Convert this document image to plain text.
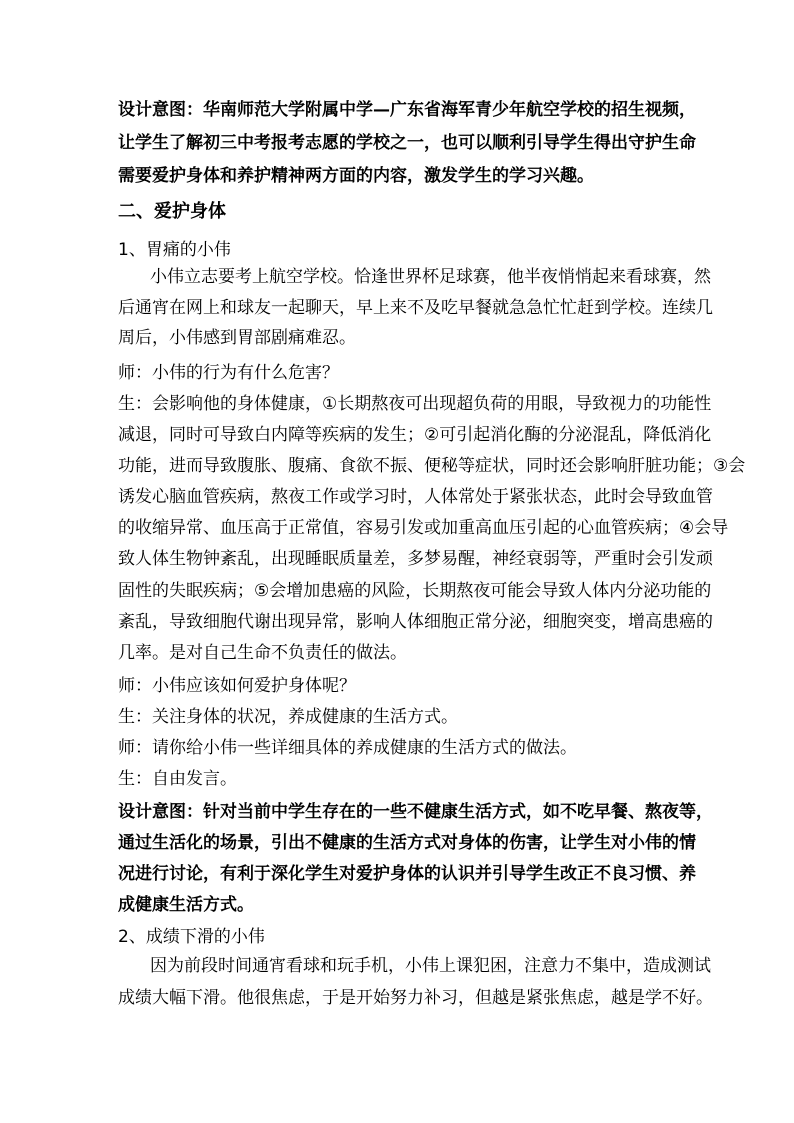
设计意图：华南师范大学附属中学—广东省海军青少年航空学校的招生视频，
让学生了解初三中考报考志愿的学校之一，也可以顺利引导学生得出守护生命
需要爱护身体和养护精神两方面的内容，激发学生的学习兴趣。
二、爱护身体
1、胃痛的小伟
小伟立志要考上航空学校。恰逢世界杯足球赛，他半夜悄悄起来看球赛，然
后通宵在网上和球友一起聊天，早上来不及吃早餐就急急忙忙赶到学校。连续几
周后，小伟感到胃部剧痛难忍。
师：小伟的行为有什么危害？
生：会影响他的身体健康，①长期熬夜可出现超负荷的用眼，导致视力的功能性
减退，同时可导致白内障等疾病的发生；②可引起消化酶的分泌混乱，降低消化
功能，进而导致腹胀、腹痛、食欲不振、便秘等症状，同时还会影响肝脏功能；③会
诱发心脑血管疾病，熬夜工作或学习时，人体常处于紧张状态，此时会导致血管
的收缩异常、血压高于正常值，容易引发或加重高血压引起的心血管疾病；④会导
致人体生物钟紊乱，出现睡眠质量差，多梦易醒，神经衰弱等，严重时会引发顽
固性的失眠疾病；⑤会增加患癌的风险，长期熬夜可能会导致人体内分泌功能的
紊乱，导致细胞代谢出现异常，影响人体细胞正常分泌，细胞突变，增高患癌的
几率。是对自己生命不负责任的做法。
师：小伟应该如何爱护身体呢？
生：关注身体的状况，养成健康的生活方式。
师：请你给小伟一些详细具体的养成健康的生活方式的做法。
生：自由发言。
设计意图：针对当前中学生存在的一些不健康生活方式，如不吃早餐、熬夜等，
通过生活化的场景，引出不健康的生活方式对身体的伤害，让学生对小伟的情
况进行讨论，有利于深化学生对爱护身体的认识并引导学生改正不良习惯、养
成健康生活方式。
2、成绩下滑的小伟
因为前段时间通宵看球和玩手机，小伟上课犯困，注意力不集中，造成测试
成绩大幅下滑。他很焦虑，于是开始努力补习，但越是紧张焦虑，越是学不好。
